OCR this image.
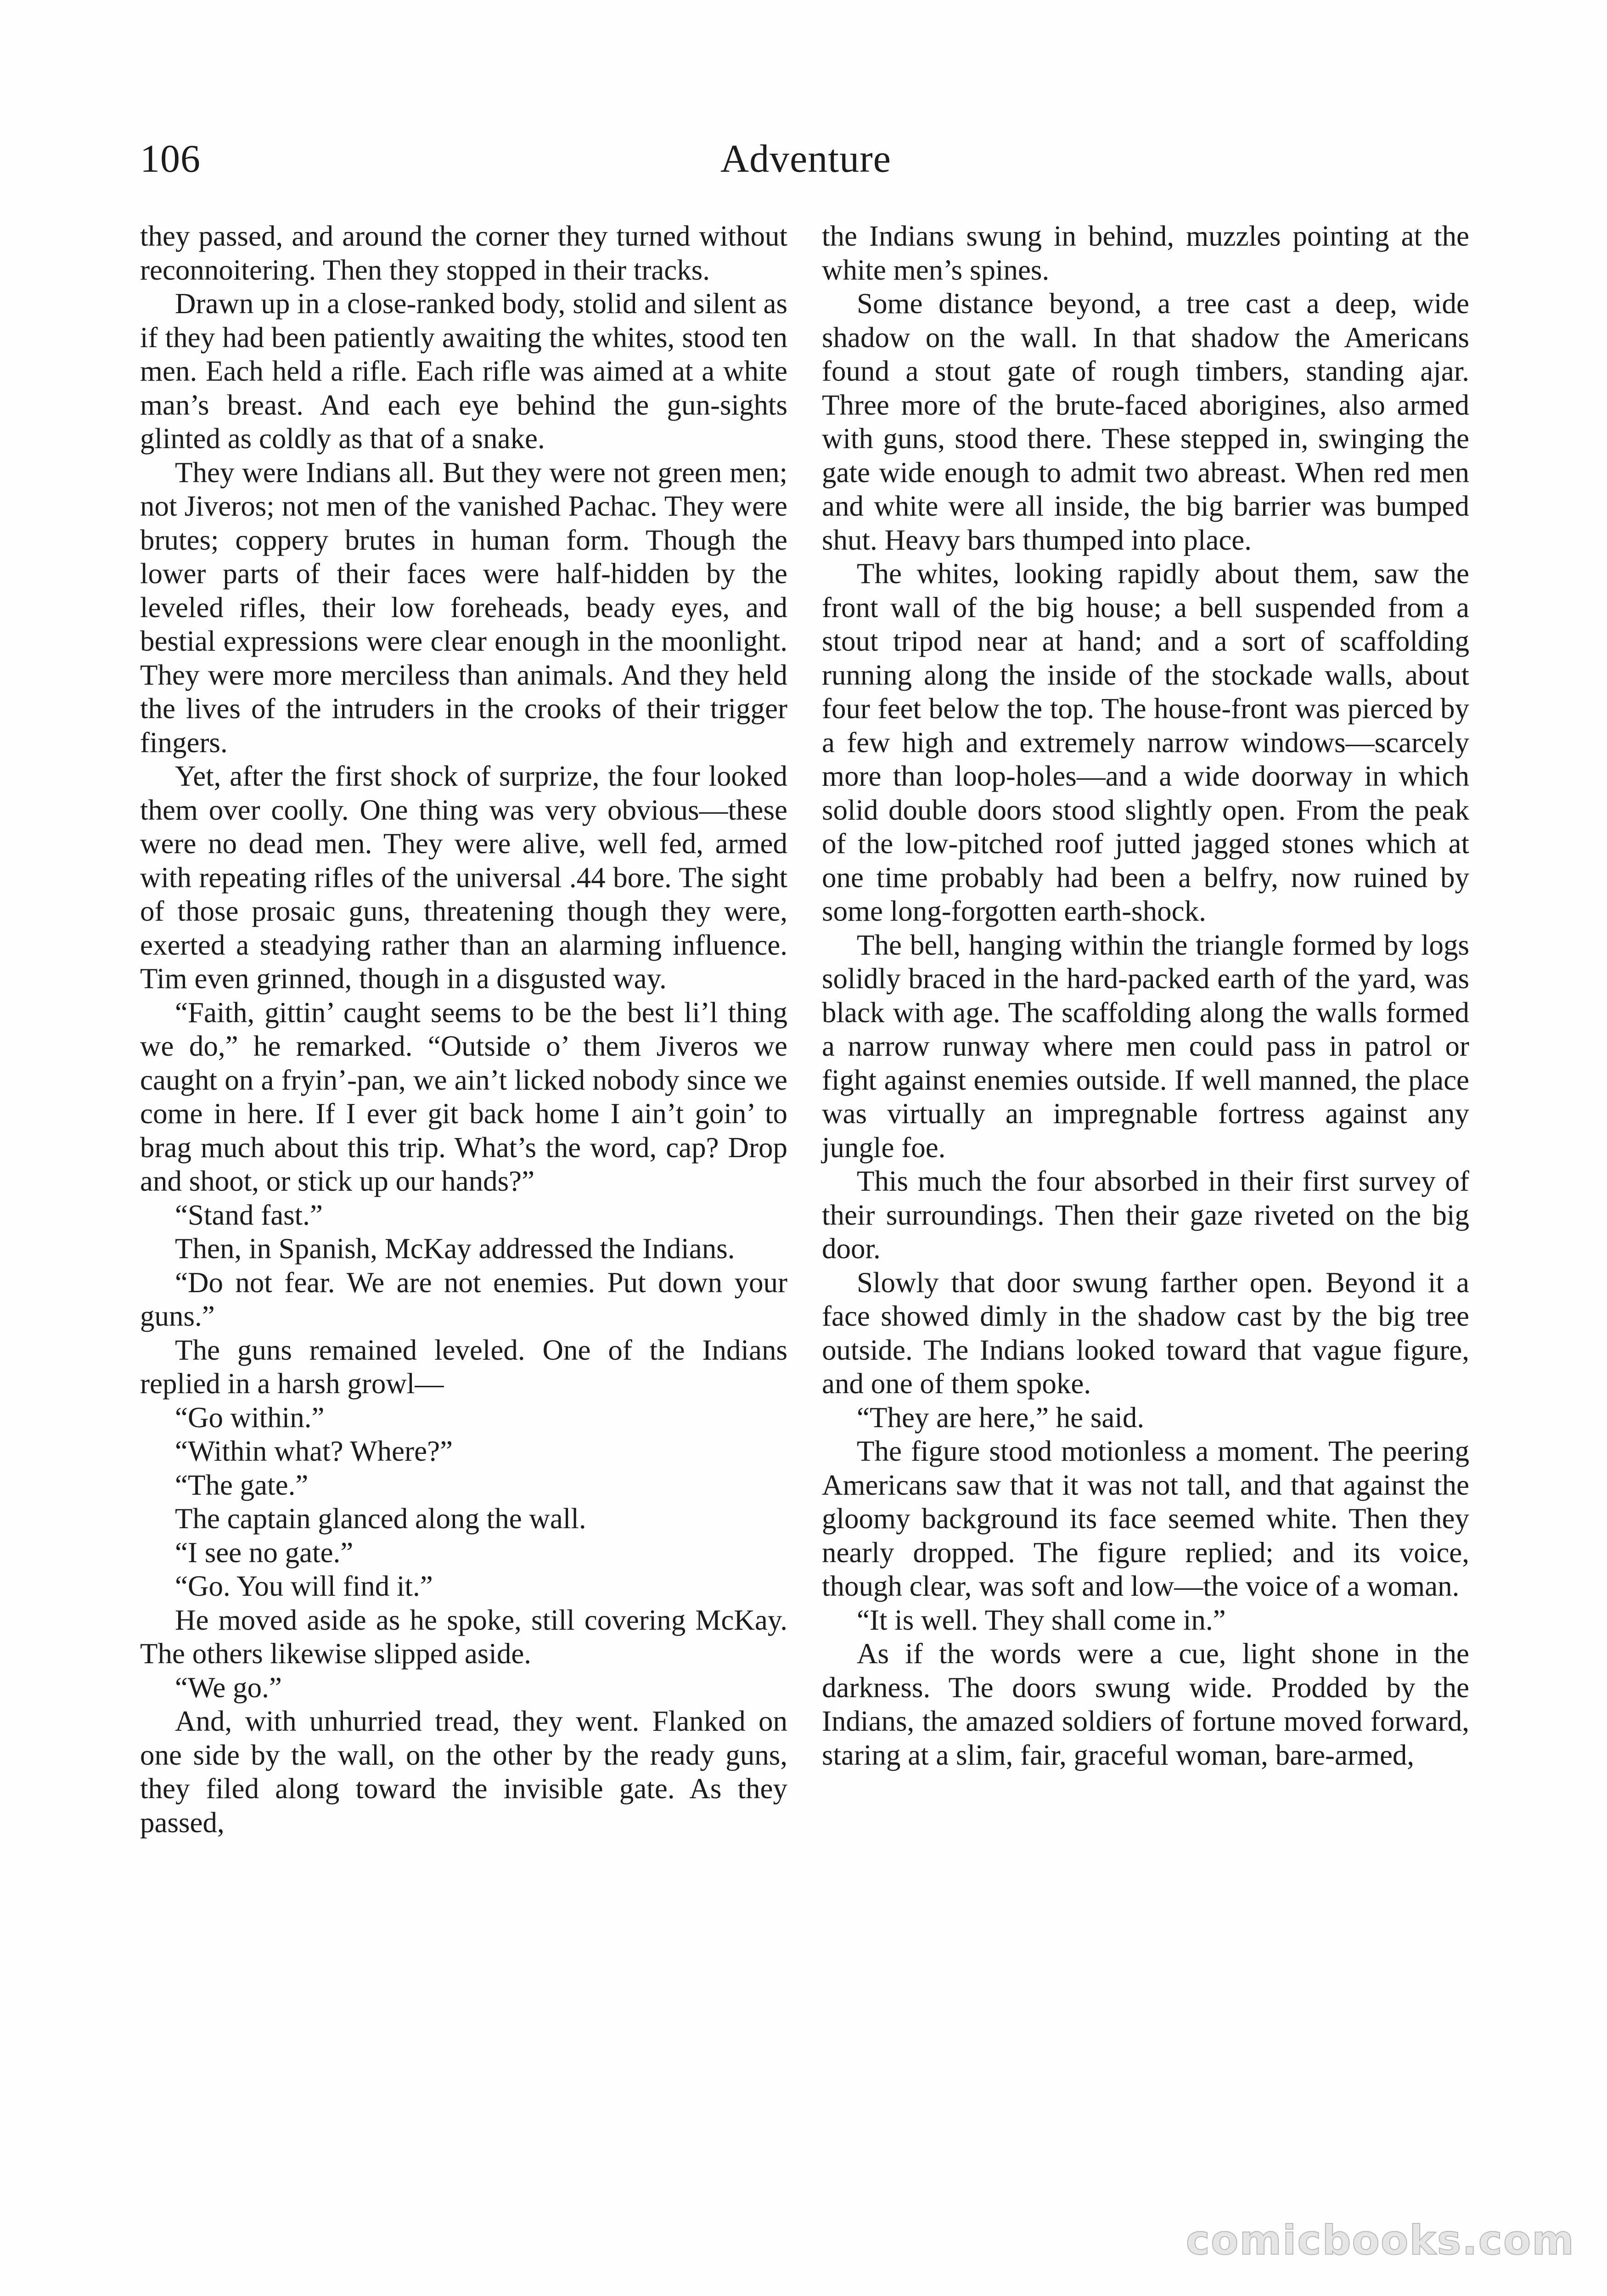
106	Adventure

they passed, and around the corner they turned without reconnoitering. Then they stopped in their tracks.

Drawn up in a close-ranked body, stolid and silent as if they had been patiently awaiting the whites, stood ten men. Each held a rifle. Each rifle was aimed at a white man’s breast. And each eye behind the gun-sights glinted as coldly as that of a snake.

They were Indians all. But they were not green men; not Jiveros; not men of the vanished Pachac. They were brutes; coppery brutes in human form. Though the lower parts of their faces were half-hidden by the leveled rifles, their low foreheads, beady eyes, and bestial expressions were clear enough in the moonlight. They were more merciless than animals. And they held the lives of the intruders in the crooks of their trigger fingers.

Yet, after the first shock of surprize, the four looked them over coolly. One thing was very obvious—these were no dead men. They were alive, well fed, armed with repeating rifles of the universal .44 bore. The sight of those prosaic guns, threatening though they were, exerted a steadying rather than an alarming influence. Tim even grinned, though in a disgusted way.

“Faith, gittin’ caught seems to be the best li’l thing we do,” he remarked. “Outside o’ them Jiveros we caught on a fryin’-pan, we ain’t licked nobody since we come in here. If I ever git back home I ain’t goin’ to brag much about this trip. What’s the word, cap? Drop and shoot, or stick up our hands?”

“Stand fast.”

Then, in Spanish, McKay addressed the Indians.

“Do not fear. We are not enemies. Put down your guns.”

The guns remained leveled. One of the Indians replied in a harsh growl—

“Go within.”

“Within what? Where?”

“The gate.”

The captain glanced along the wall.

“I see no gate.”

“Go. You will find it.”

He moved aside as he spoke, still covering McKay. The others likewise slipped aside.

“We go.”

And, with unhurried tread, they went. Flanked on one side by the wall, on the other by the ready guns, they filed along toward the invisible gate. As they passed,

the Indians swung in behind, muzzles pointing at the white men’s spines.

Some distance beyond, a tree cast a deep, wide shadow on the wall. In that shadow the Americans found a stout gate of rough timbers, standing ajar. Three more of the brute-faced aborigines, also armed with guns, stood there. These stepped in, swinging the gate wide enough to admit two abreast. When red men and white were all inside, the big barrier was bumped shut. Heavy bars thumped into place.

The whites, looking rapidly about them, saw the front wall of the big house; a bell suspended from a stout tripod near at hand; and a sort of scaffolding running along the inside of the stockade walls, about four feet below the top. The house-front was pierced by a few high and extremely narrow windows—scarcely more than loop-holes—and a wide doorway in which solid double doors stood slightly open. From the peak of the low-pitched roof jutted jagged stones which at one time probably had been a belfry, now ruined by some long-forgotten earth-shock.

The bell, hanging within the triangle formed by logs solidly braced in the hard-packed earth of the yard, was black with age. The scaffolding along the walls formed a narrow runway where men could pass in patrol or fight against enemies outside. If well manned, the place was virtually an impregnable fortress against any jungle foe.

This much the four absorbed in their first survey of their surroundings. Then their gaze riveted on the big door.

Slowly that door swung farther open. Beyond it a face showed dimly in the shadow cast by the big tree outside. The Indians looked toward that vague figure, and one of them spoke.

“They are here,” he said.

The figure stood motionless a moment. The peering Americans saw that it was not tall, and that against the gloomy background its face seemed white. Then they nearly dropped. The figure replied; and its voice, though clear, was soft and low—the voice of a woman.

“It is well. They shall come in.”

As if the words were a cue, light shone in the darkness. The doors swung wide. Prodded by the Indians, the amazed soldiers of fortune moved forward, staring at a slim, fair, graceful woman, bare-armed,

comicbooks.com
